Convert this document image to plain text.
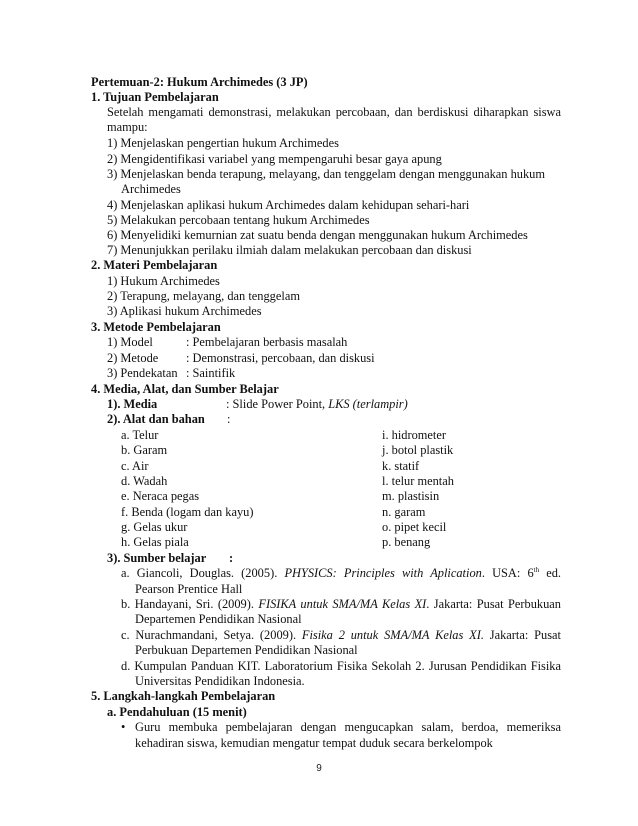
Pertemuan-2: Hukum Archimedes (3 JP)
1. Tujuan Pembelajaran
Setelah mengamati demonstrasi, melakukan percobaan, dan berdiskusi diharapkan siswa
mampu:
1) Menjelaskan pengertian hukum Archimedes
2) Mengidentifikasi variabel yang mempengaruhi besar gaya apung
3) Menjelaskan benda terapung, melayang, dan tenggelam dengan menggunakan hukum
Archimedes
4) Menjelaskan aplikasi hukum Archimedes dalam kehidupan sehari-hari
5) Melakukan percobaan tentang hukum Archimedes
6) Menyelidiki kemurnian zat suatu benda dengan menggunakan hukum Archimedes
7) Menunjukkan perilaku ilmiah dalam melakukan percobaan dan diskusi
2. Materi Pembelajaran
1) Hukum Archimedes
2) Terapung, melayang, dan tenggelam
3) Aplikasi hukum Archimedes
3. Metode Pembelajaran
1) Model	: Pembelajaran berbasis masalah
2) Metode : Demonstrasi, percobaan, dan diskusi
3) Pendekatan : Saintifik
4. Media, Alat, dan Sumber Belajar
1). Media	: Slide Power Point, LKS (terlampir)
2). Alat dan bahan :
a. Telur
b. Garam
c. Air
d. Wadah
e. Neraca pegas
f. Benda (logam dan kayu)
g. Gelas ukur
h. Gelas piala
i. hidrometer
j. botol plastik
k. statif
l. telur mentah
m. plastisin
n. garam
o. pipet kecil
p. benang
3). Sumber belajar :
a. Giancoli, Douglas. (2005). PHYSICS: Principles with Aplication. USA: 6th ed.
Pearson Prentice Hall
b. Handayani, Sri. (2009). FISIKA untuk SMA/MA Kelas XI. Jakarta: Pusat Perbukuan
Departemen Pendidikan Nasional
c. Nurachmandani, Setya. (2009). Fisika 2 untuk SMA/MA Kelas XI. Jakarta: Pusat
Perbukuan Departemen Pendidikan Nasional
d. Kumpulan Panduan KIT. Laboratorium Fisika Sekolah 2. Jurusan Pendidikan Fisika
Universitas Pendidikan Indonesia.
5. Langkah-langkah Pembelajaran
a. Pendahuluan (15 menit)
• Guru membuka pembelajaran dengan mengucapkan salam, berdoa, memeriksa
kehadiran siswa, kemudian mengatur tempat duduk secara berkelompok
9
